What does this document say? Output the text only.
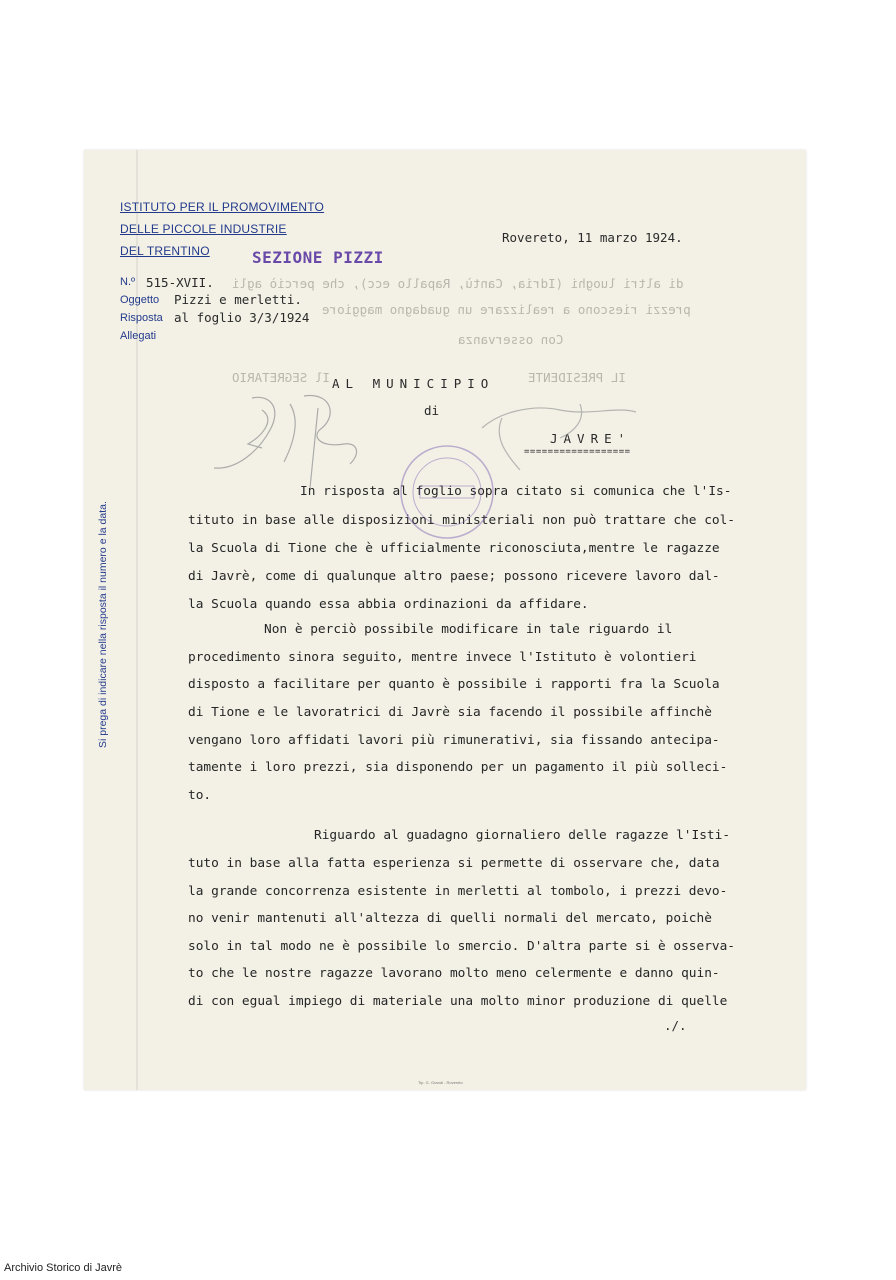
di altri luoghi (Idria, Cantù, Rapallo ecc), che perciò agli
prezzi riescono a realizzare un guadagno maggiore
Con osservanza
Il SEGRETARIO	IL PRESIDENTE
ISTITUTO PER IL PROMOVIMENTO
DELLE PICCOLE INDUSTRIE
DEL TRENTINO	SEZIONE PIZZI
Rovereto, 11 marzo 1924.
N.º 515-XVII.
Oggetto Pizzi e merletti.
Risposta al foglio 3/3/1924
Allegati
AL MUNICIPIO
di
JAVRE'
==================
In risposta al foglio sopra citato si comunica che l'Is-
tituto in base alle disposizioni ministeriali non può trattare che col-
la Scuola di Tione che è ufficialmente riconosciuta,mentre le ragazze
di Javrè, come di qualunque altro paese; possono ricevere lavoro dal-
la Scuola quando essa abbia ordinazioni da affidare.
Non è perciò possibile modificare in tale riguardo il
procedimento sinora seguito, mentre invece l'Istituto è volontieri
disposto a facilitare per quanto è possibile i rapporti fra la Scuola
di Tione e le lavoratrici di Javrè sia facendo il possibile affinchè
vengano loro affidati lavori più rimunerativi, sia fissando antecipa-
tamente i loro prezzi, sia disponendo per un pagamento il più solleci-
to.
Riguardo al guadagno giornaliero delle ragazze l'Isti-
tuto in base alla fatta esperienza si permette di osservare che, data
la grande concorrenza esistente in merletti al tombolo, i prezzi devo-
no venir mantenuti all'altezza di quelli normali del mercato, poichè
solo in tal modo ne è possibile lo smercio. D'altra parte si è osserva-
to che le nostre ragazze lavorano molto meno celermente e danno quin-
di con egual impiego di materiale una molto minor produzione di quelle
./.
Si prega di indicare nella risposta il numero e la data.
Tip. G. Grandi - Rovereto
Archivio Storico di Javrè
